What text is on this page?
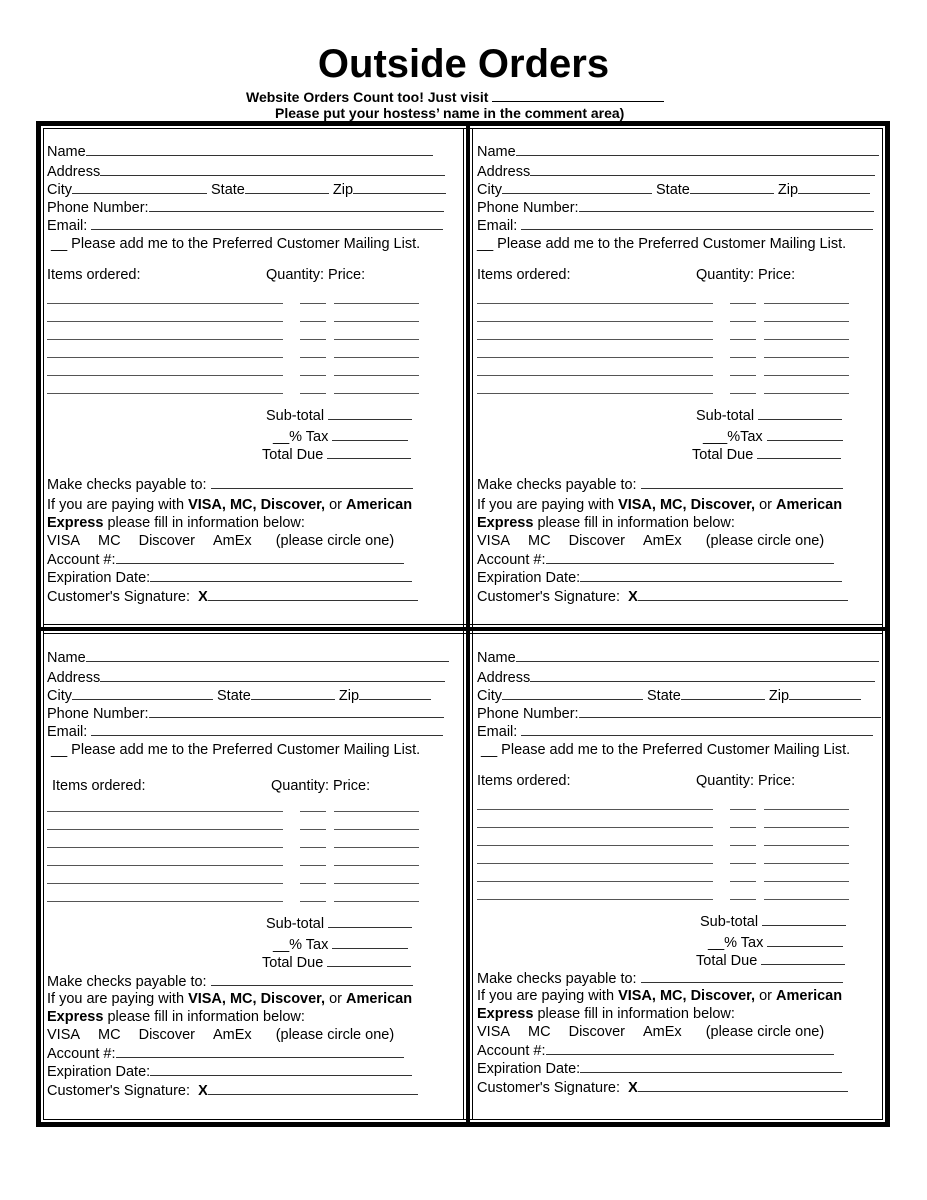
Outside Orders
Website Orders Count too! Just visit
Please put your hostess’ name in the comment area)
Name
Address
City	State	Zip
Phone Number:
Email:
__ Please add me to the Preferred Customer Mailing List.
Items ordered:	Quantity: Price:
Sub-total
__% Tax
Total Due
Make checks payable to:
If you are paying with VISA, MC, Discover, or American
Express please fill in information below:
VISA MC Discover AmEx (please circle one)
Account #:
Expiration Date:
Customer's Signature: X
Name
Address
City	State	Zip
Phone Number:
Email:
__ Please add me to the Preferred Customer Mailing List.
Items ordered:	Quantity: Price:
Sub-total
___%Tax
Total Due
Make checks payable to:
If you are paying with VISA, MC, Discover, or American
Express please fill in information below:
VISA MC Discover AmEx (please circle one)
Account #:
Expiration Date:
Customer's Signature: X
Name
Address
City	State	Zip
Phone Number:
Email:
__ Please add me to the Preferred Customer Mailing List.
Items ordered:	Quantity: Price:
Sub-total
__% Tax
Total Due
Make checks payable to:
If you are paying with VISA, MC, Discover, or American
Express please fill in information below:
VISA MC Discover AmEx (please circle one)
Account #:
Expiration Date:
Customer's Signature: X
Name
Address
City	State	Zip
Phone Number:
Email:
__ Please add me to the Preferred Customer Mailing List.
Items ordered:	Quantity: Price:
Sub-total
__% Tax
Total Due
Make checks payable to:
If you are paying with VISA, MC, Discover, or American
Express please fill in information below:
VISA MC Discover AmEx (please circle one)
Account #:
Expiration Date:
Customer's Signature: X
